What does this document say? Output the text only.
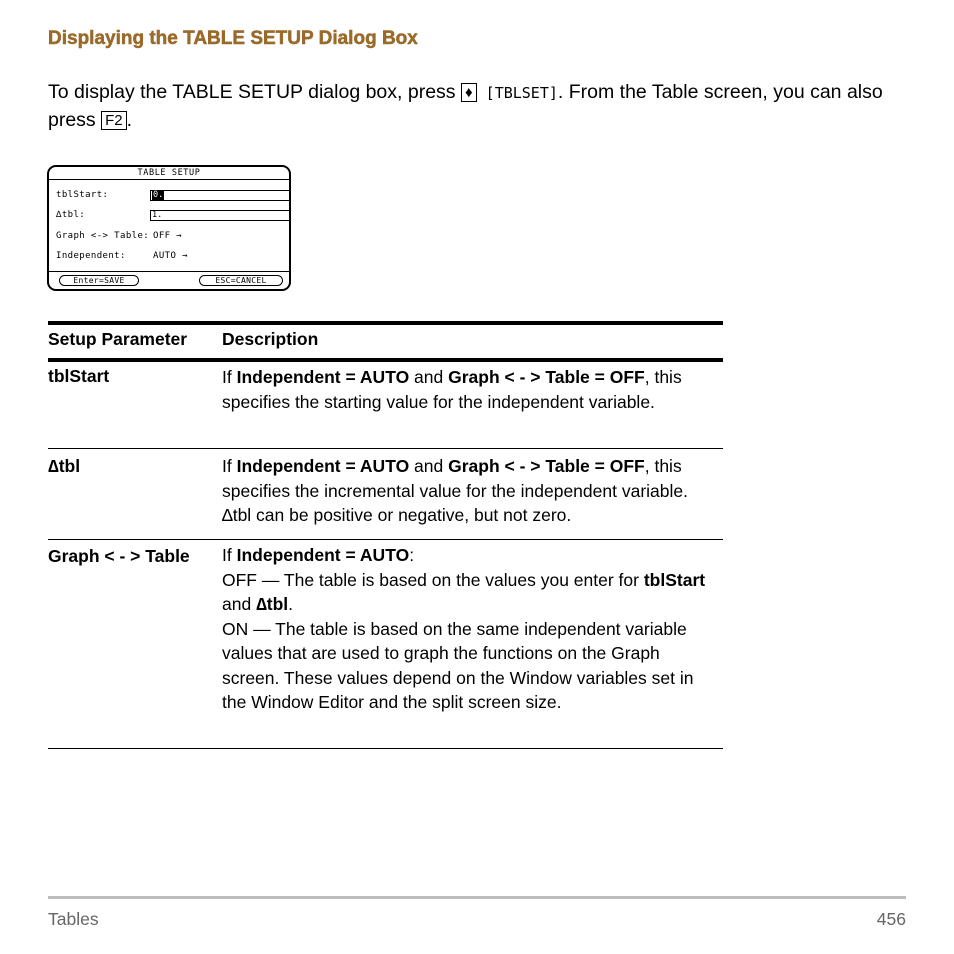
Displaying the TABLE SETUP Dialog Box

To display the TABLE SETUP dialog box, press ♦ [TBLSET]. From the Table screen, you can also press F2 .

TABLE SETUP
tblStart:	0.
∆tbl:	1.
Graph <-> Table: OFF →
Independent:	AUTO →
Enter=SAVE	ESC=CANCEL
Setup Parameter	Description
tblStart	If Independent = AUTO and Graph < - > Table = OFF, this specifies the starting value for the independent variable.
∆tbl	If Independent = AUTO and Graph < - > Table = OFF, this specifies the incremental value for the independent variable. ∆tbl can be positive or negative, but not zero.
Graph < - > Table	If Independent = AUTO:
OFF — The table is based on the values you enter for tblStart and ∆tbl.
ON — The table is based on the same independent variable values that are used to graph the functions on the Graph screen. These values depend on the Window variables set in the Window Editor and the split screen size.
Tables	456
